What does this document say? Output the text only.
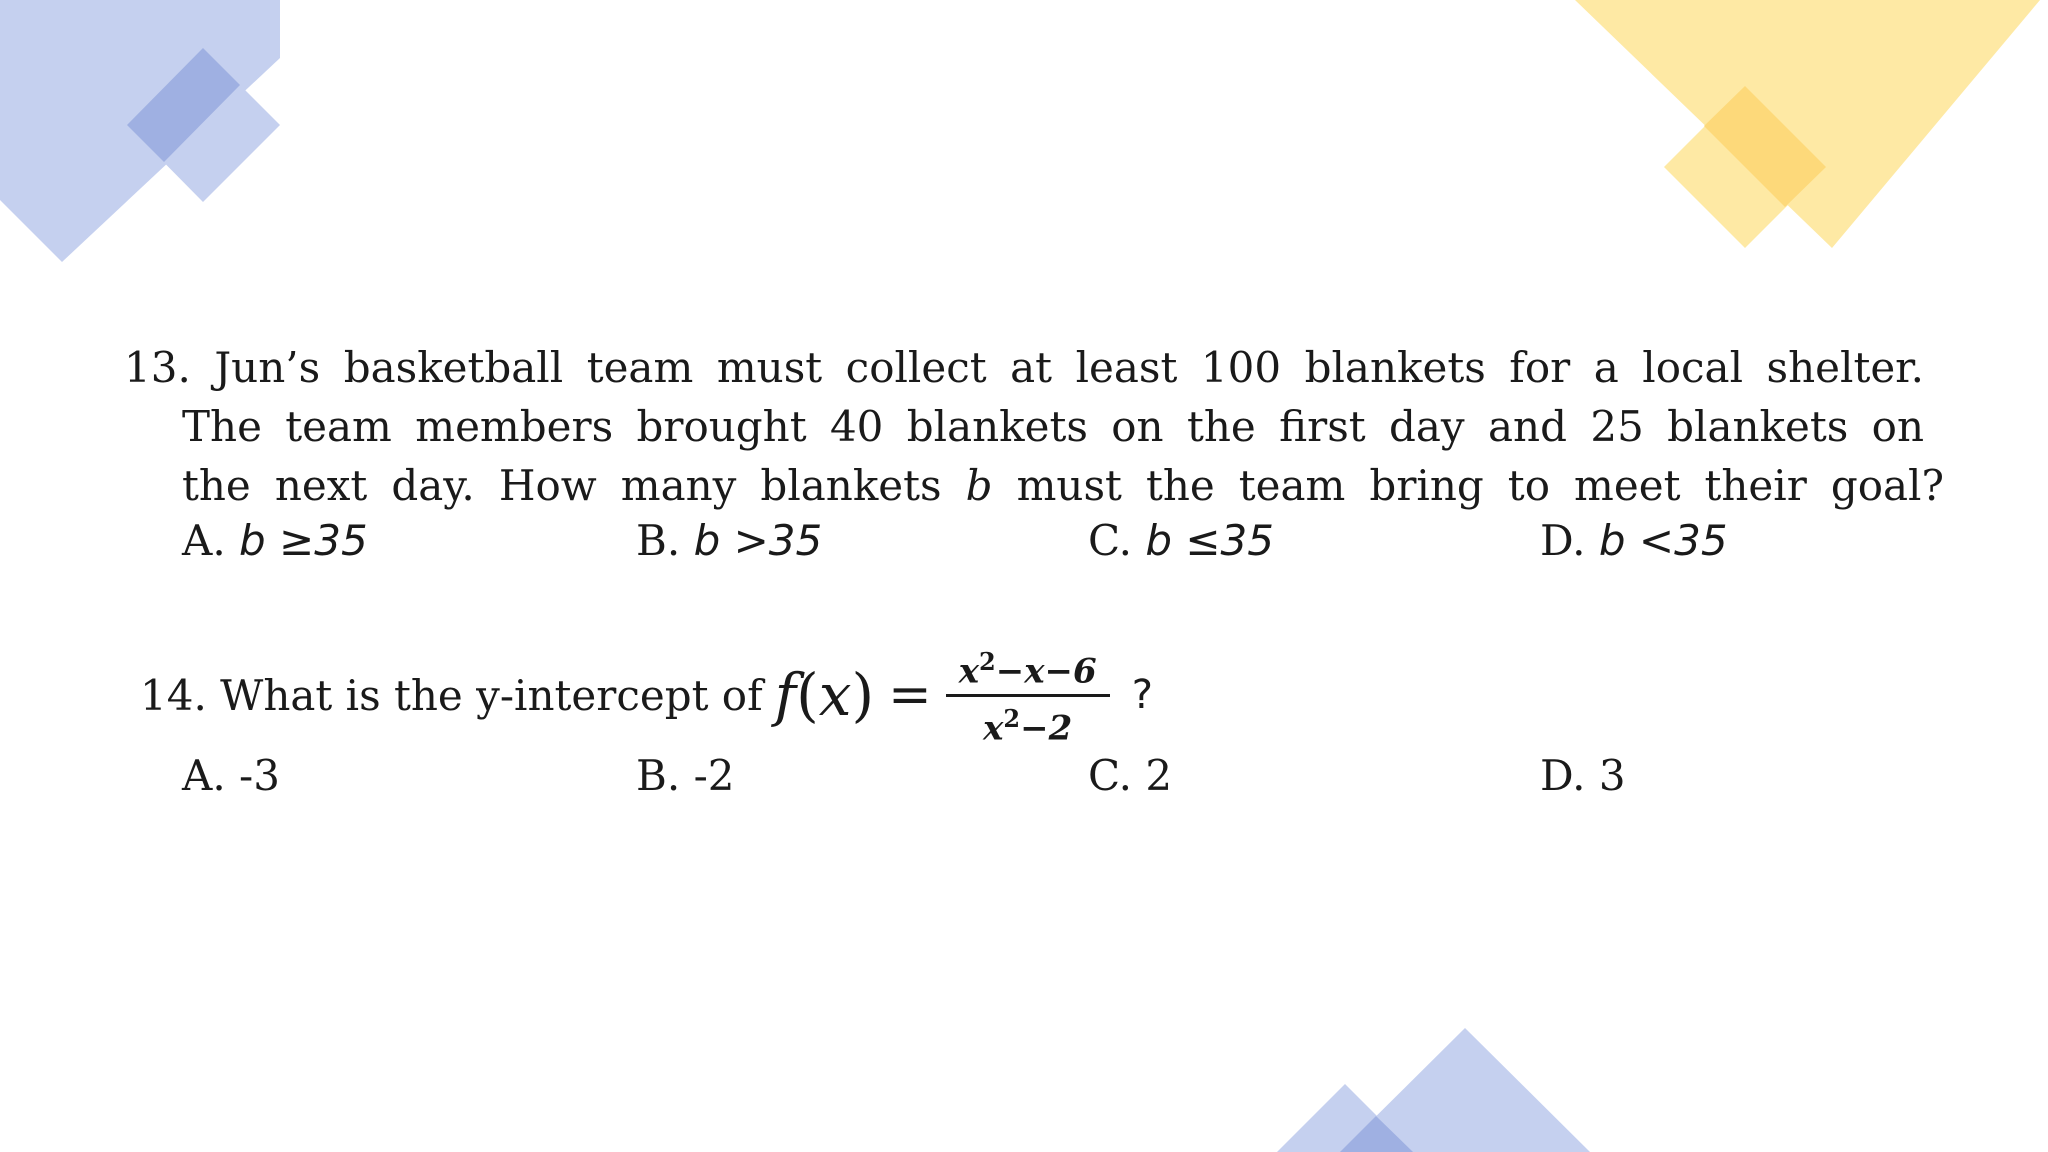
13. Jun’s basketball team must collect at least 100 blankets for a local shelter.
The team members brought 40 blankets on the first day and 25 blankets on
the next day. How many blankets b must the team bring to meet their goal?
A. b ≥35	B. b >35	C. b ≤35	D. b <35
14. What is the y-intercept of $f(x) = \frac{x^2-x-6}{x^2-2}$ ?
A. -3	B. -2	C. 2	D. 3
